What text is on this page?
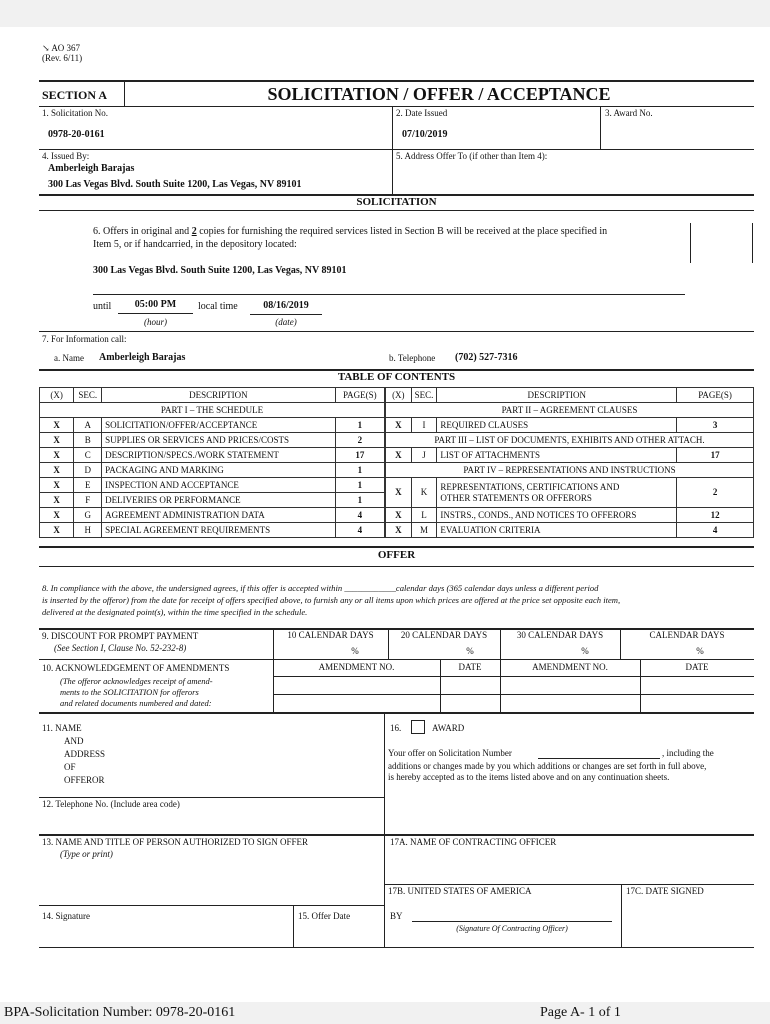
↘ AO 367
(Rev. 6/11)
SECTION A	SOLICITATION / OFFER / ACCEPTANCE
1. Solicitation No.
0978-20-0161
2. Date Issued
07/10/2019
3. Award No.
4. Issued By:
Amberleigh Barajas
300 Las Vegas Blvd. South Suite 1200, Las Vegas, NV 89101
5. Address Offer To (if other than Item 4):
SOLICITATION
6. Offers in original and 2 copies for furnishing the required services listed in Section B will be received at the place specified in
Item 5, or if handcarried, in the depository located:
300 Las Vegas Blvd. South Suite 1200, Las Vegas, NV 89101
until	05:00 PM	local time	08/16/2019
(hour)	(date)
7. For Information call:
a. Name Amberleigh Barajas	b. Telephone (702) 527-7316
TABLE OF CONTENTS
(X)	SEC.	DESCRIPTION	PAGE(S)
PART I – THE SCHEDULE			
X	A	SOLICITATION/OFFER/ACCEPTANCE	1
X	B	SUPPLIES OR SERVICES AND PRICES/COSTS	2
X	C	DESCRIPTION/SPECS./WORK STATEMENT	17
X	D	PACKAGING AND MARKING	1
X	E	INSPECTION AND ACCEPTANCE	1
X	F	DELIVERIES OR PERFORMANCE	1
X	G	AGREEMENT ADMINISTRATION DATA	4
X	H	SPECIAL AGREEMENT REQUIREMENTS	4
(X)	SEC.	DESCRIPTION	PAGE(S)
PART II – AGREEMENT CLAUSES			
X	I	REQUIRED CLAUSES	3
PART III – LIST OF DOCUMENTS, EXHIBITS AND OTHER ATTACH.			
X	J	LIST OF ATTACHMENTS	17
PART IV – REPRESENTATIONS AND INSTRUCTIONS			
X	K	REPRESENTATIONS, CERTIFICATIONS AND
OTHER STATEMENTS OR OFFERORS	2
X	L	INSTRS., CONDS., AND NOTICES TO OFFERORS	12
X	M	EVALUATION CRITERIA	4
OFFER
8. In compliance with the above, the undersigned agrees, if this offer is accepted within ____________calendar days (365 calendar days unless a different period
is inserted by the offeror) from the date for receipt of offers specified above, to furnish any or all items upon which prices are offered at the price set opposite each item,
delivered at the designated point(s), within the time specified in the schedule.
9. DISCOUNT FOR PROMPT PAYMENT
(See Section I, Clause No. 52-232-8)
10 CALENDAR DAYS	20 CALENDAR DAYS	30 CALENDAR DAYS	CALENDAR DAYS
%	%	%	%
10. ACKNOWLEDGEMENT OF AMENDMENTS
(The offeror acknowledges receipt of amend-
ments to the SOLICITATION for offerors
and related documents numbered and dated:
AMENDMENT NO.	DATE	AMENDMENT NO.	DATE
11. NAME
AND
ADDRESS
OF
OFFEROR
16.	AWARD
Your offer on Solicitation Number	, including the
additions or changes made by you which additions or changes are set forth in full above,
is hereby accepted as to the items listed above and on any continuation sheets.
12. Telephone No. (Include area code)
13. NAME AND TITLE OF PERSON AUTHORIZED TO SIGN OFFER
(Type or print)
17A. NAME OF CONTRACTING OFFICER
17B. UNITED STATES OF AMERICA	17C. DATE SIGNED
14. Signature	15. Offer Date	BY
(Signature Of Contracting Officer)
BPA-Solicitation Number: 0978-20-0161	Page A- 1 of 1
